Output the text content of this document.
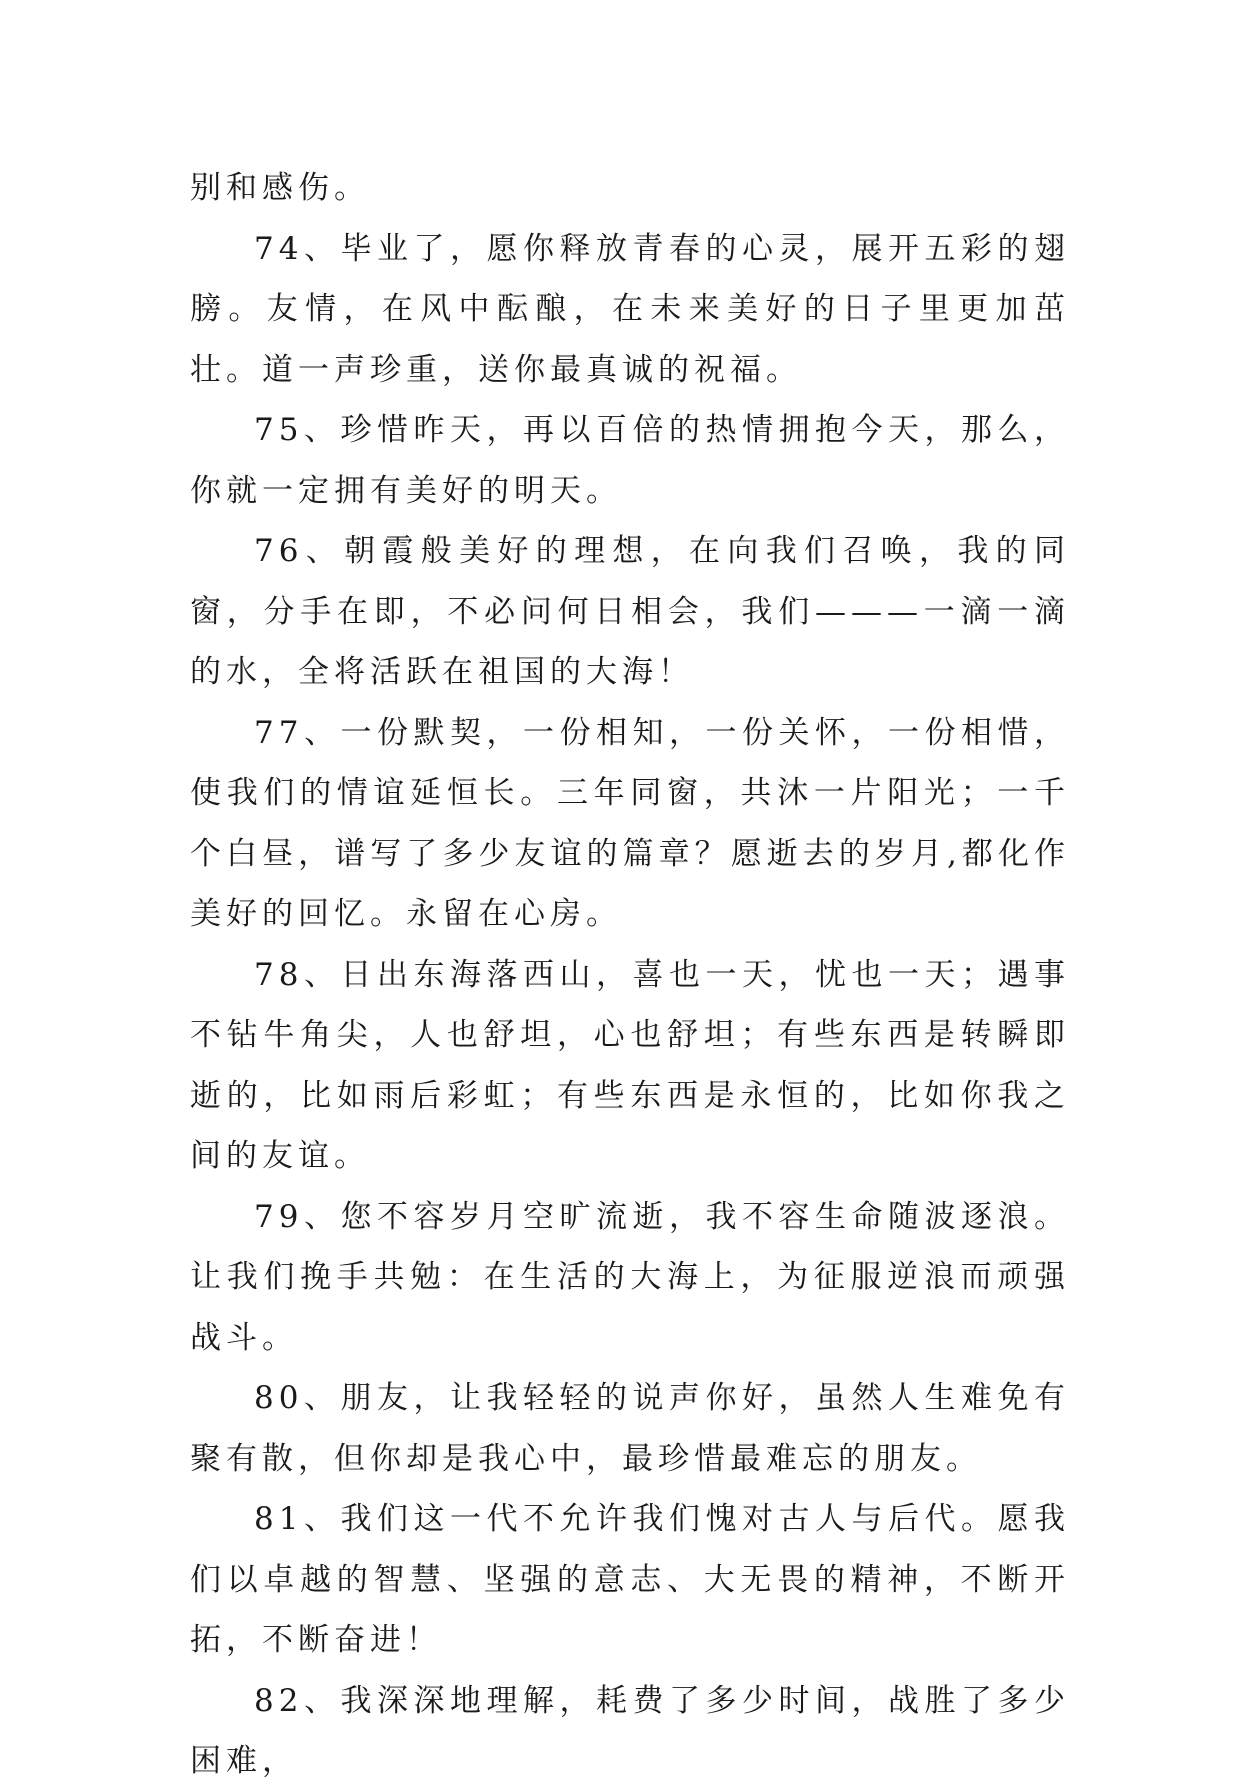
别和感伤。

74、毕业了，愿你释放青春的心灵，展开五彩的翅膀。友情，在风中酝酿，在未来美好的日子里更加茁壮。道一声珍重，送你最真诚的祝福。

75、珍惜昨天，再以百倍的热情拥抱今天，那么，你就一定拥有美好的明天。

76、朝霞般美好的理想，在向我们召唤，我的同窗，分手在即，不必问何日相会，我们———一滴一滴的水，全将活跃在祖国的大海！

77、一份默契，一份相知，一份关怀，一份相惜，使我们的情谊延恒长。三年同窗，共沐一片阳光；一千个白昼，谱写了多少友谊的篇章？愿逝去的岁月,都化作美好的回忆。永留在心房。

78、日出东海落西山，喜也一天，忧也一天；遇事不钻牛角尖，人也舒坦，心也舒坦；有些东西是转瞬即逝的，比如雨后彩虹；有些东西是永恒的，比如你我之间的友谊。

79、您不容岁月空旷流逝，我不容生命随波逐浪。让我们挽手共勉：在生活的大海上，为征服逆浪而顽强战斗。

80、朋友，让我轻轻的说声你好，虽然人生难免有聚有散，但你却是我心中，最珍惜最难忘的朋友。

81、我们这一代不允许我们愧对古人与后代。愿我们以卓越的智慧、坚强的意志、大无畏的精神，不断开拓，不断奋进！

82、我深深地理解，耗费了多少时间，战胜了多少困难，
